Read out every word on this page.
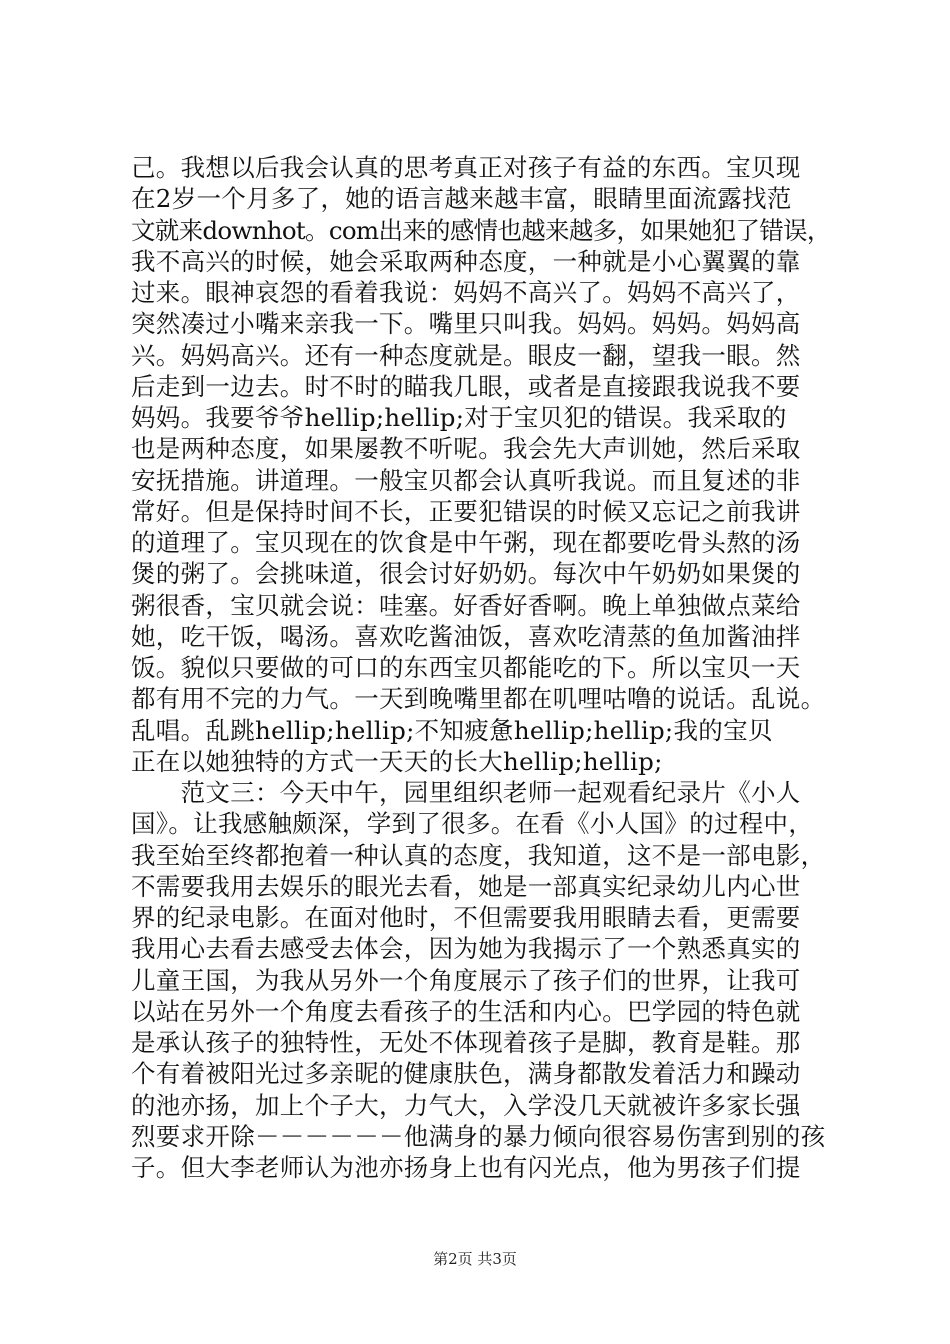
己。我想以后我会认真的思考真正对孩子有益的东西。宝贝现
在2岁一个月多了，她的语言越来越丰富，眼睛里面流露找范
文就来downhot。com出来的感情也越来越多，如果她犯了错误，
我不高兴的时候，她会采取两种态度，一种就是小心翼翼的靠
过来。眼神哀怨的看着我说：妈妈不高兴了。妈妈不高兴了，
突然凑过小嘴来亲我一下。嘴里只叫我。妈妈。妈妈。妈妈高
兴。妈妈高兴。还有一种态度就是。眼皮一翻，望我一眼。然
后走到一边去。时不时的瞄我几眼，或者是直接跟我说我不要
妈妈。我要爷爷hellip;hellip;对于宝贝犯的错误。我采取的
也是两种态度，如果屡教不听呢。我会先大声训她，然后采取
安抚措施。讲道理。一般宝贝都会认真听我说。而且复述的非
常好。但是保持时间不长，正要犯错误的时候又忘记之前我讲
的道理了。宝贝现在的饮食是中午粥，现在都要吃骨头熬的汤
煲的粥了。会挑味道，很会讨好奶奶。每次中午奶奶如果煲的
粥很香，宝贝就会说：哇塞。好香好香啊。晚上单独做点菜给
她，吃干饭，喝汤。喜欢吃酱油饭，喜欢吃清蒸的鱼加酱油拌
饭。貌似只要做的可口的东西宝贝都能吃的下。所以宝贝一天
都有用不完的力气。一天到晚嘴里都在叽哩咕噜的说话。乱说。
乱唱。乱跳hellip;hellip;不知疲惫hellip;hellip;我的宝贝
正在以她独特的方式一天天的长大hellip;hellip;
　　范文三：今天中午，园里组织老师一起观看纪录片《小人
国》。让我感触颇深，学到了很多。在看《小人国》的过程中，
我至始至终都抱着一种认真的态度，我知道，这不是一部电影，
不需要我用去娱乐的眼光去看，她是一部真实纪录幼儿内心世
界的纪录电影。在面对他时，不但需要我用眼睛去看，更需要
我用心去看去感受去体会，因为她为我揭示了一个熟悉真实的
儿童王国，为我从另外一个角度展示了孩子们的世界，让我可
以站在另外一个角度去看孩子的生活和内心。巴学园的特色就
是承认孩子的独特性，无处不体现着孩子是脚，教育是鞋。那
个有着被阳光过多亲昵的健康肤色，满身都散发着活力和躁动
的池亦扬，加上个子大，力气大，入学没几天就被许多家长强
烈要求开除－－－－－－他满身的暴力倾向很容易伤害到别的孩
子。但大李老师认为池亦扬身上也有闪光点，他为男孩子们提
第2页 共3页
